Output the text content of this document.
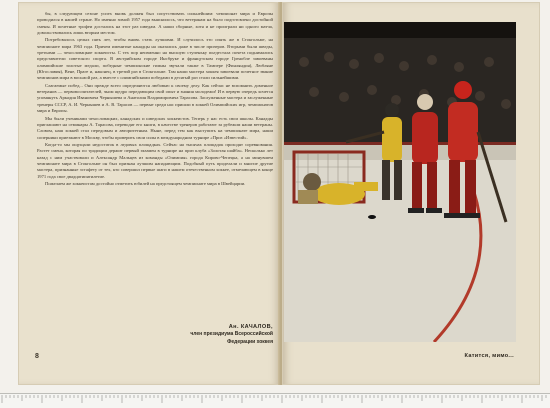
бы, в следующем сезоне успех вновь должен был сопутствовать сильнейшим: чемпионат мира и Европы проводился в нашей стране. Но именно зимой 1957 года выяснилось, что ветеранам на было подготовлено достойной смены. И почетные трофеи достались на этот раз шведам. А наши сборные, хотя и не проиграли ни одного матча, довольствовались лишь вторым местом.

Потребовалось целых пять лет, чтобы вновь стать лучшими. И случилось это опять же в Стокгольме, на чемпионате мира 1963 года. Причем именитые канадцы на оказались даже в числе призеров. Вторыми были шведы, третьими — чехословацкие хоккеисты. С тех пор неизменно на высшую ступеньку пьедестала почета поднимались представители советского спорта. В австрийском городе Инсбруке и французском городе Гренобле завоеваны олимпийские золотые медали, победные чемпионские гимны звучали также в Тампере (Финляндия), Любляне (Югославия), Вене, Праге и, наконец, в третий раз в Стокгольме. Там наши мастера хоккея завоевали почетное звание чемпионов мира в восьмой раз, а вместе с олимпийскими победами в десятый раз стали сильнейшими.

Слагаемые побед... Они прежде всего определяются любовью к своему делу. Как сейчас не вспомнить доменное ветеранов — первовоспитателей, чьим щедро передающим свой опыт и знания молодежи! И в первую очередь хочется упомянуть Аркадия Ивановича Чернышева и Анатолия Владимировича Тарасова. Заслуженные мастера и заслуженные тренеры СССР, А. И. Чернышев и А. В. Тарасов — первые среди нас пришли в хоккей Олимпийских игр, чемпионатов мира и Европы.

Мы были учениками чехословацких, канадских и шведских хоккеистов. Теперь у нас есть свои школы. Канадцы приглашают на семинары А. Тарасова, переводят его книги, в качестве тренеров работают за рубежом наши ветераны. Словом, наш хоккей стал передовым и авторитетным. Ныне, перед тем как выступить на чемпионате мира, наши соперники приезжают в Москву, чтобы проверить свои силы в международном турнире «Приз «Известий».

Когда-то мы ощущали недостаток в ледовых площадках. Сейчас на тысячах площадок проходят соревнования. Растет смена, которая по традиции держит первый экзамен в турнире на приз клуба «Золотая шайба». Несколько лет назад с ним участвовали и Александр Мальцев из команды «Олимпия» города Кирово-Чепецка, а на минувшем чемпионате мира в Стокгольме он был признан лучшим нападающим. Подобный путь проделали и многие другие мастера, признанные эстафету от тех, кто совершил первые шаги в нашем отечественном хоккее, отмечающем в конце 1971 года свое двадцатипятилетие.

Пожелаем же хоккеистам достойно отметить юбилей на предстоящем чемпионате мира в Швейцарии.

Ан. КАЧАЛОВ,
член президиума Всероссийской
Федерации хоккея
8	Катится, мимо...
